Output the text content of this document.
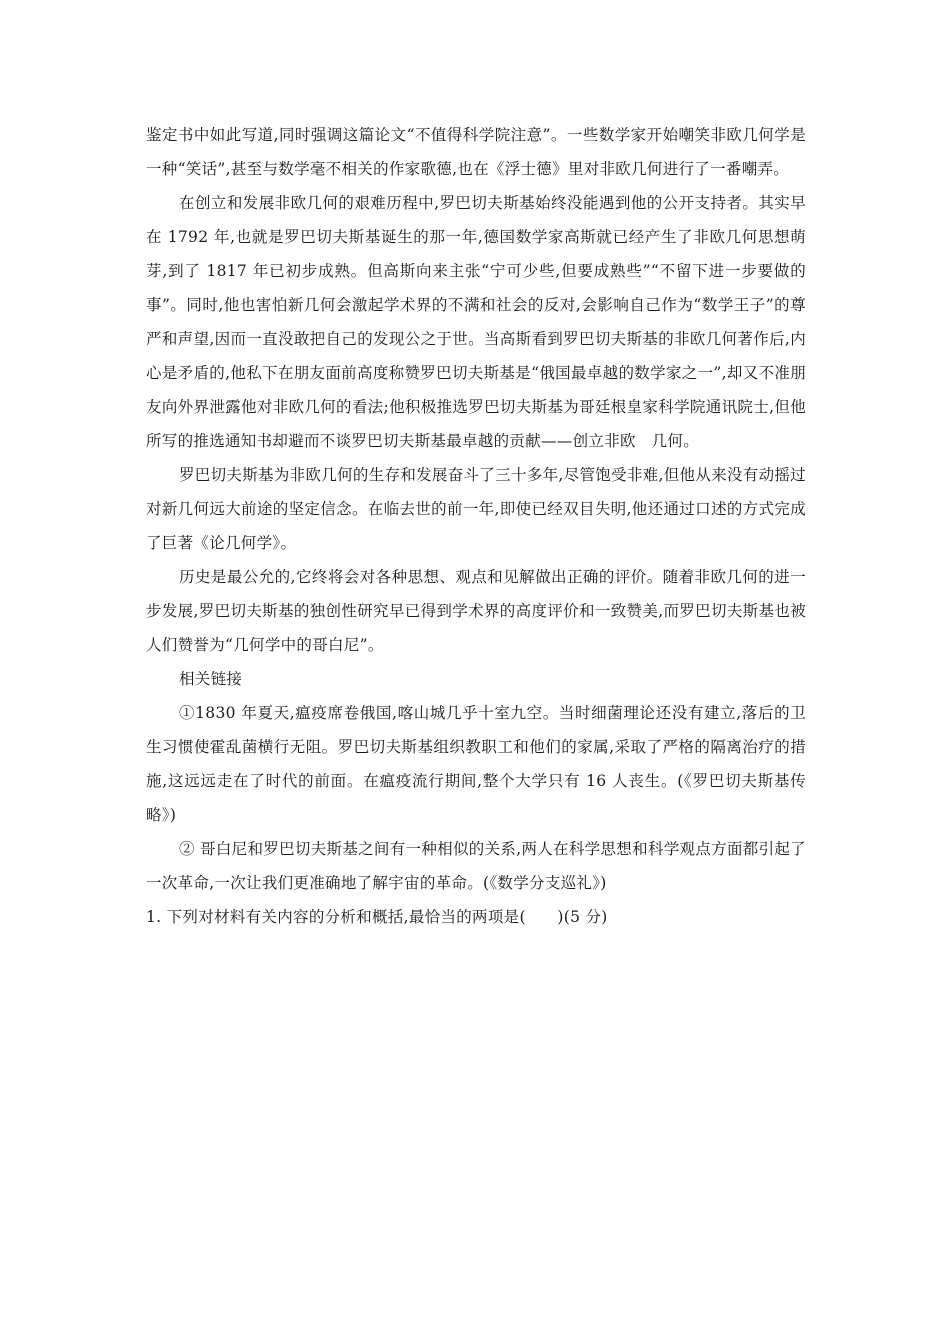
鉴定书中如此写道,同时强调这篇论文“不值得科学院注意”。一些数学家开始嘲笑非欧几何学是一种“笑话”,甚至与数学毫不相关的作家歌德,也在《浮士德》里对非欧几何进行了一番嘲弄。

在创立和发展非欧几何的艰难历程中,罗巴切夫斯基始终没能遇到他的公开支持者。其实早在 1792 年,也就是罗巴切夫斯基诞生的那一年,德国数学家高斯就已经产生了非欧几何思想萌芽,到了 1817 年已初步成熟。但高斯向来主张“宁可少些,但要成熟些”“不留下进一步要做的事”。同时,他也害怕新几何会激起学术界的不满和社会的反对,会影响自己作为“数学王子”的尊严和声望,因而一直没敢把自己的发现公之于世。当高斯看到罗巴切夫斯基的非欧几何著作后,内心是矛盾的,他私下在朋友面前高度称赞罗巴切夫斯基是“俄国最卓越的数学家之一”,却又不准朋友向外界泄露他对非欧几何的看法;他积极推选罗巴切夫斯基为哥廷根皇家科学院通讯院士,但他所写的推选通知书却避而不谈罗巴切夫斯基最卓越的贡献——创立非欧　几何。

罗巴切夫斯基为非欧几何的生存和发展奋斗了三十多年,尽管饱受非难,但他从来没有动摇过对新几何远大前途的坚定信念。在临去世的前一年,即使已经双目失明,他还通过口述的方式完成了巨著《论几何学》。

历史是最公允的,它终将会对各种思想、观点和见解做出正确的评价。随着非欧几何的进一步发展,罗巴切夫斯基的独创性研究早已得到学术界的高度评价和一致赞美,而罗巴切夫斯基也被人们赞誉为“几何学中的哥白尼”。

相关链接

①1830 年夏天,瘟疫席卷俄国,喀山城几乎十室九空。当时细菌理论还没有建立,落后的卫生习惯使霍乱菌横行无阻。罗巴切夫斯基组织教职工和他们的家属,采取了严格的隔离治疗的措施,这远远走在了时代的前面。在瘟疫流行期间,整个大学只有 16 人丧生。(《罗巴切夫斯基传略》)

② 哥白尼和罗巴切夫斯基之间有一种相似的关系,两人在科学思想和科学观点方面都引起了一次革命,一次让我们更准确地了解宇宙的革命。(《数学分支巡礼》)

1. 下列对材料有关内容的分析和概括,最恰当的两项是(　　)(5 分)
